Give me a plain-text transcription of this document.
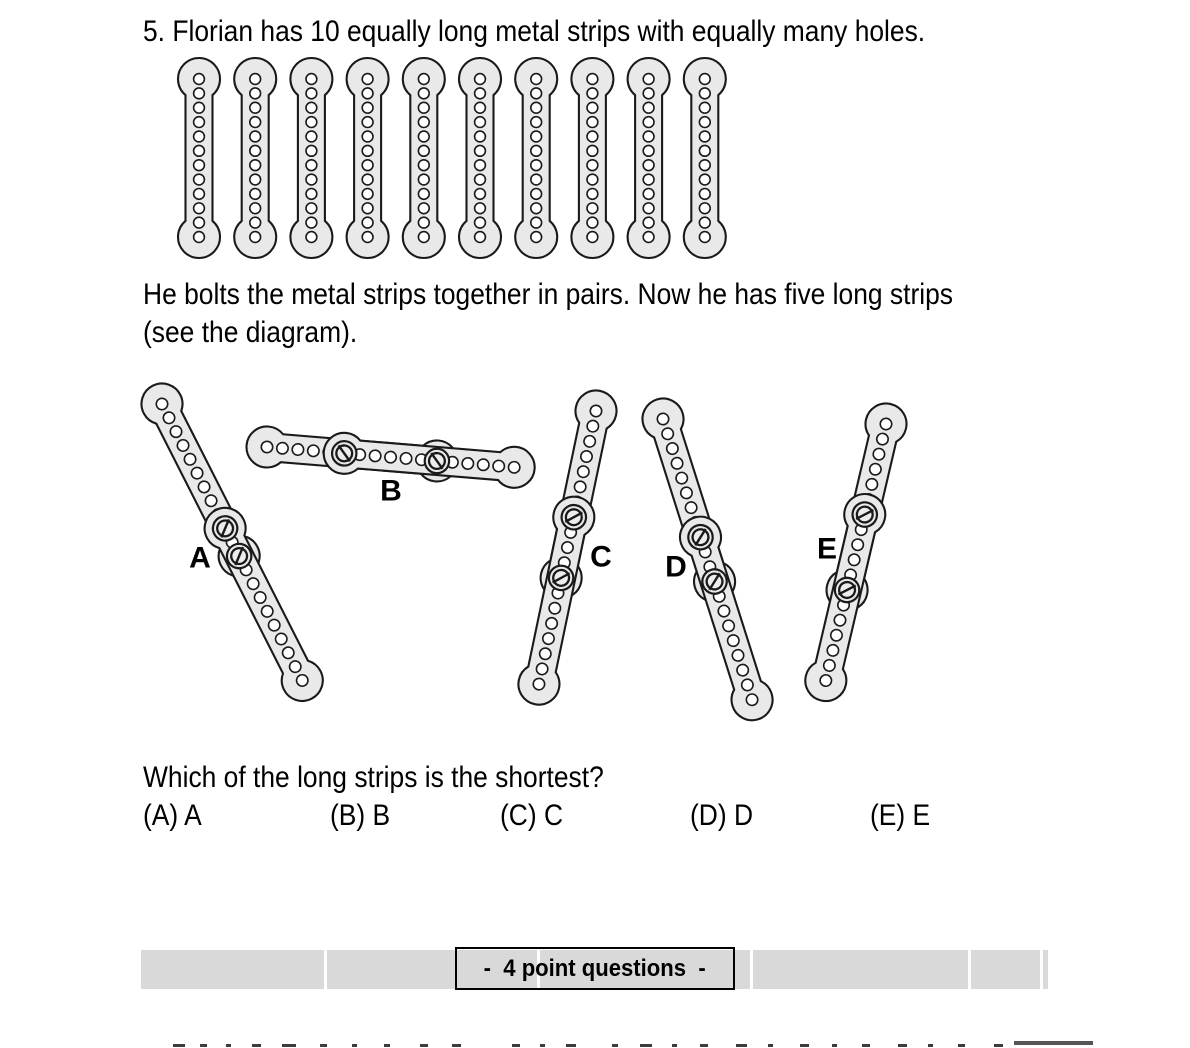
A
B
C D
E
5. Florian has 10 equally long metal strips with equally many holes.
He bolts the metal strips together in pairs. Now he has five long strips
(see the diagram).
Which of the long strips is the shortest?
(A) A	(B) B	(C) C	(D) D	(E) E
-  4 point questions  -
